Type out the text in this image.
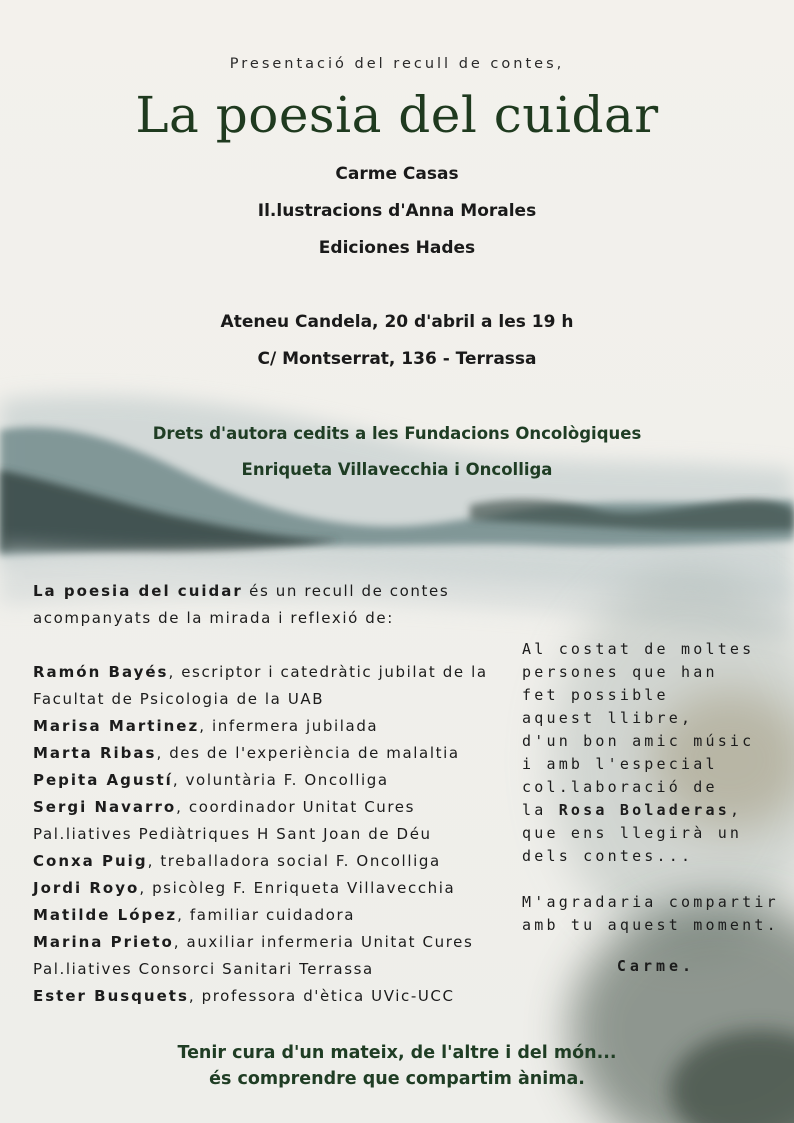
Presentació del recull de contes,
La poesia del cuidar
Carme Casas
Il.lustracions d'Anna Morales
Ediciones Hades
Ateneu Candela, 20 d'abril a les 19 h
C/ Montserrat, 136 - Terrassa
Drets d'autora cedits a les Fundacions Oncològiques
Enriqueta Villavecchia i Oncolliga
La poesia del cuidar és un recull de contes acompanyats de la mirada i reflexió de:
Ramón Bayés, escriptor i catedràtic jubilat de la Facultat de Psicologia de la UAB
Marisa Martinez, infermera jubilada
Marta Ribas, des de l'experiència de malaltia
Pepita Agustí, voluntària F. Oncolliga
Sergi Navarro, coordinador Unitat Cures Pal.liatives Pediàtriques H Sant Joan de Déu
Conxa Puig, treballadora social F. Oncolliga
Jordi Royo, psicòleg F. Enriqueta Villavecchia
Matilde López, familiar cuidadora
Marina Prieto, auxiliar infermeria Unitat Cures Pal.liatives Consorci Sanitari Terrassa
Ester Busquets, professora d'ètica UVic-UCC
Al costat de moltes
persones que han
fet possible
aquest llibre,
d'un bon amic músic
i amb l'especial
col.laboració de
la Rosa Boladeras,
que ens llegirà un
dels contes...
M'agradaria compartir
amb tu aquest moment.
Carme.
Tenir cura d'un mateix, de l'altre i del món...
és comprendre que compartim ànima.
